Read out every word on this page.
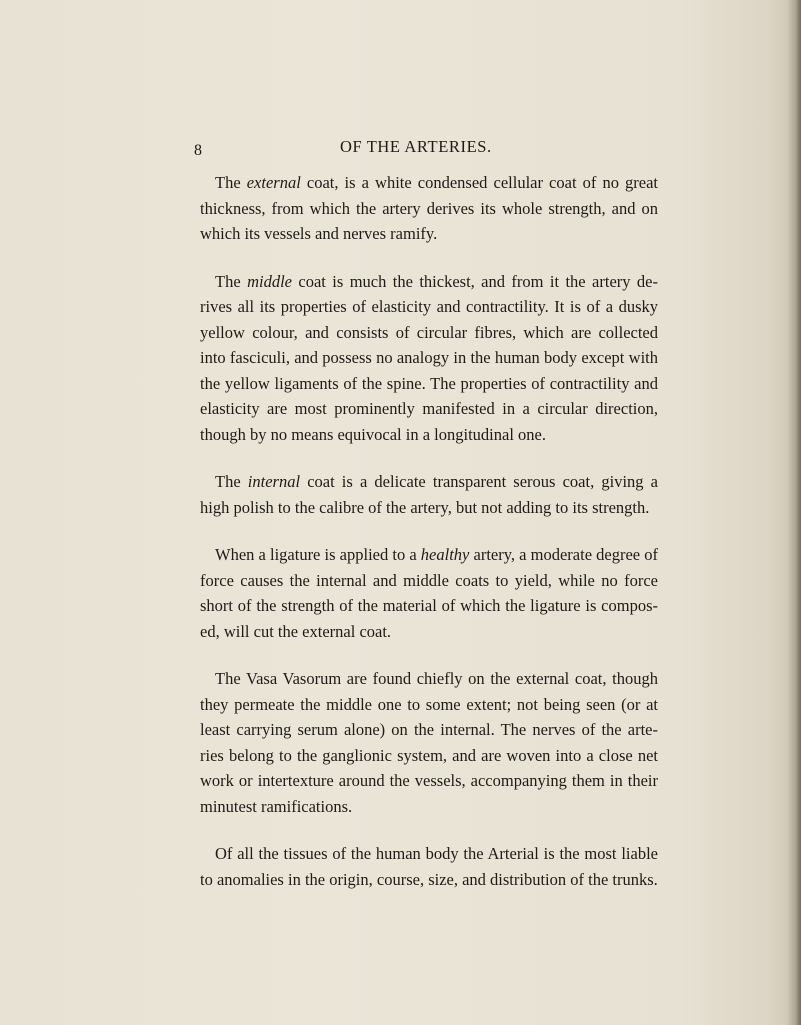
8	OF THE ARTERIES.

The external coat, is a white condensed cellular coat of no great thickness, from which the artery derives its whole strength, and on which its vessels and nerves ramify.

The middle coat is much the thickest, and from it the artery de- rives all its properties of elasticity and contractility. It is of a dusky yellow colour, and consists of circular fibres, which are collected into fasciculi, and possess no analogy in the human body except with the yellow ligaments of the spine. The properties of contractility and elasticity are most prominently manifested in a circular direction, though by no means equivocal in a longitudinal one.

The internal coat is a delicate transparent serous coat, giving a high polish to the calibre of the artery, but not adding to its strength.

When a ligature is applied to a healthy artery, a moderate degree of force causes the internal and middle coats to yield, while no force short of the strength of the material of which the ligature is compos- ed, will cut the external coat.

The Vasa Vasorum are found chiefly on the external coat, though they permeate the middle one to some extent; not being seen (or at least carrying serum alone) on the internal. The nerves of the arte- ries belong to the ganglionic system, and are woven into a close net work or intertexture around the vessels, accompanying them in their minutest ramifications.

Of all the tissues of the human body the Arterial is the most liable to anomalies in the origin, course, size, and distribution of the trunks.
